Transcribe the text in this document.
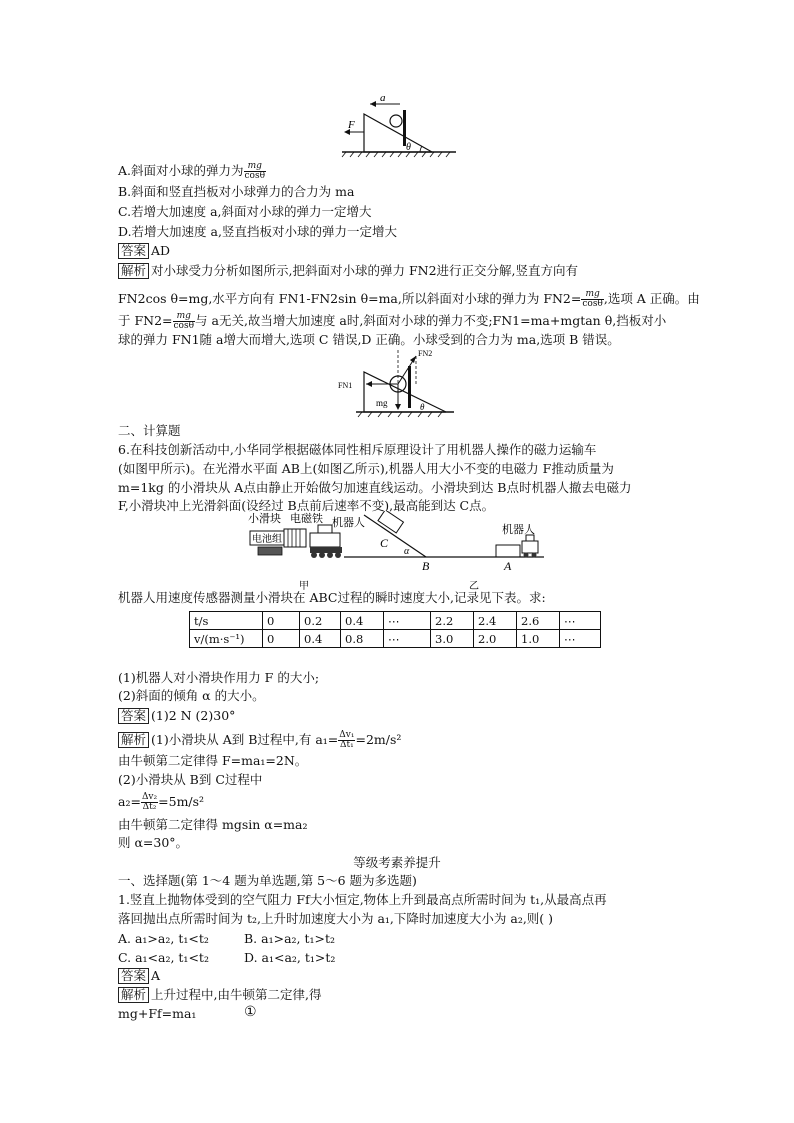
a
F
θ
A.斜面对小球的弹力为 $\frac{mg}{\cos\theta}$
B.斜面和竖直挡板对小球弹力的合力为 ma
C.若增大加速度 a,斜面对小球的弹力一定增大
D.若增大加速度 a,竖直挡板对小球的弹力一定增大
答案 AD
解析 对小球受力分析如图所示,把斜面对小球的弹力 FN2进行正交分解,竖直方向有
FN2cos θ=mg,水平方向有 FN1-FN2sin θ=ma,所以斜面对小球的弹力为 $FN2= \frac{mg}{\cos\theta}$ ,选项 A 正确。由
于 $FN2= \frac{mg}{\cos\theta}$ 与 a无关,故当增大加速度 a时,斜面对小球的弹力不变;FN1=ma+mgtan θ,挡板对小
球的弹力 FN1随 a增大而增大,选项 C 错误,D 正确。小球受到的合力为 ma,选项 B 错误。
FN2
FN1
mg	θ
二、计算题
6.在科技创新活动中,小华同学根据磁体同性相斥原理设计了用机器人操作的磁力运输车
(如图甲所示)。在光滑水平面 AB上(如图乙所示),机器人用大小不变的电磁力 F推动质量为
m=1kg 的小滑块从 A点由静止开始做匀加速直线运动。小滑块到达 B点时机器人撤去电磁力
F,小滑块冲上光滑斜面(设经过 B点前后速率不变),最高能到达 C点。
电池组
小滑块 电磁铁 机器人
C
α
B
机器人
A
甲	乙
机器人用速度传感器测量小滑块在 ABC过程的瞬时速度大小,记录见下表。求:
t/s	0	0.2	0.4	⋯	2.2	2.4	2.6	⋯
v/(m·s⁻¹)	0	0.4	0.8	⋯	3.0	2.0	1.0	⋯
(1)机器人对小滑块作用力 F 的大小;
(2)斜面的倾角 α 的大小。
答案 (1)2 N (2)30°
解析 (1)小滑块从 A到 B过程中,有 $a_1= \frac{\text{Δv₁}}{\text{Δt₁}} =2m/s^2$
由牛顿第二定律得 F=ma₁=2N。
(2)小滑块从 B到 C过程中
$a_2= \frac{\text{Δv₂}}{\text{Δt₂}} =5m/s^2$
由牛顿第二定律得 mgsin α=ma₂
则 α=30°。
等级考素养提升
一、选择题(第 1～4 题为单选题,第 5～6 题为多选题)
1.竖直上抛物体受到的空气阻力 Ff大小恒定,物体上升到最高点所需时间为 t₁,从最高点再
落回抛出点所需时间为 t₂,上升时加速度大小为 a₁,下降时加速度大小为 a₂,则( )
A. a₁>a₂, t₁<t₂	B. a₁>a₂, t₁>t₂
C. a₁<a₂, t₁<t₂	D. a₁<a₂, t₁>t₂
答案 A
解析 上升过程中,由牛顿第二定律,得
mg+Ff=ma₁	①
